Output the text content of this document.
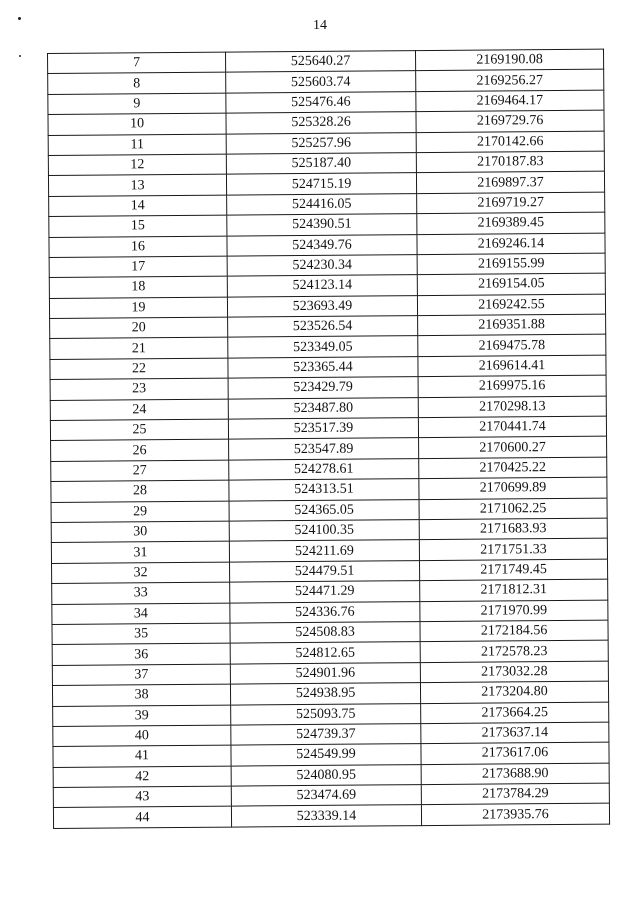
14
7	525640.27	2169190.08
8	525603.74	2169256.27
9	525476.46	2169464.17
10	525328.26	2169729.76
11	525257.96	2170142.66
12	525187.40	2170187.83
13	524715.19	2169897.37
14	524416.05	2169719.27
15	524390.51	2169389.45
16	524349.76	2169246.14
17	524230.34	2169155.99
18	524123.14	2169154.05
19	523693.49	2169242.55
20	523526.54	2169351.88
21	523349.05	2169475.78
22	523365.44	2169614.41
23	523429.79	2169975.16
24	523487.80	2170298.13
25	523517.39	2170441.74
26	523547.89	2170600.27
27	524278.61	2170425.22
28	524313.51	2170699.89
29	524365.05	2171062.25
30	524100.35	2171683.93
31	524211.69	2171751.33
32	524479.51	2171749.45
33	524471.29	2171812.31
34	524336.76	2171970.99
35	524508.83	2172184.56
36	524812.65	2172578.23
37	524901.96	2173032.28
38	524938.95	2173204.80
39	525093.75	2173664.25
40	524739.37	2173637.14
41	524549.99	2173617.06
42	524080.95	2173688.90
43	523474.69	2173784.29
44	523339.14	2173935.76
